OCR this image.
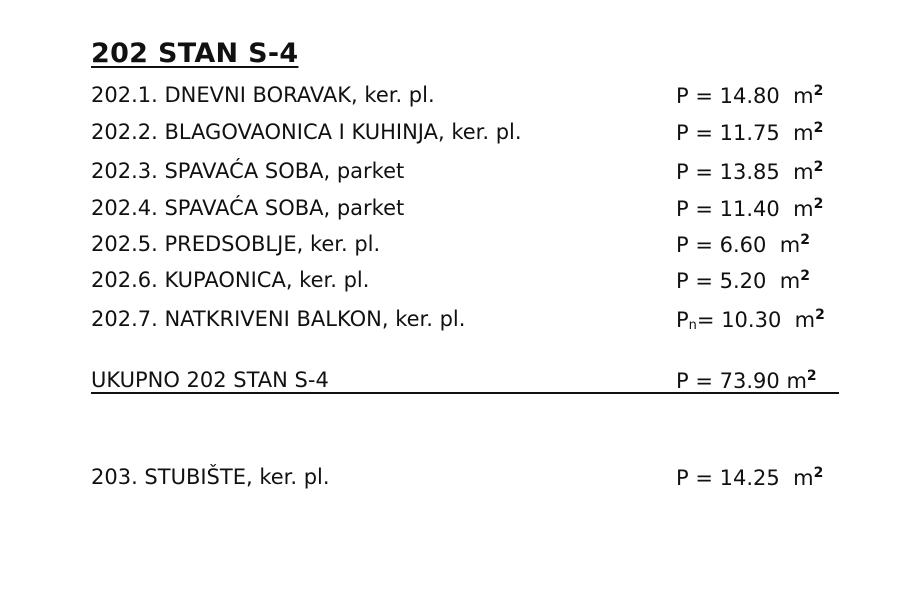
202 STAN S-4
202.1. DNEVNI BORAVAK, ker. pl.	P = 14.80 $m^2$
202.2. BLAGOVAONICA I KUHINJA, ker. pl.	P = 11.75 $m^2$
202.3. SPAVAĆA SOBA, parket	P = 13.85 $m^2$
202.4. SPAVAĆA SOBA, parket	P = 11.40 $m^2$
202.5. PREDSOBLJE, ker. pl.	P = 6.60 $m^2$
202.6. KUPAONICA, ker. pl.	P = 5.20 $m^2$
202.7. NATKRIVENI BALKON, ker. pl.	$P_n= 10.30$ $m^2$
UKUPNO 202 STAN S-4	P = 73.90 $m^2$
203. STUBIŠTE, ker. pl.	P = 14.25 $m^2$
